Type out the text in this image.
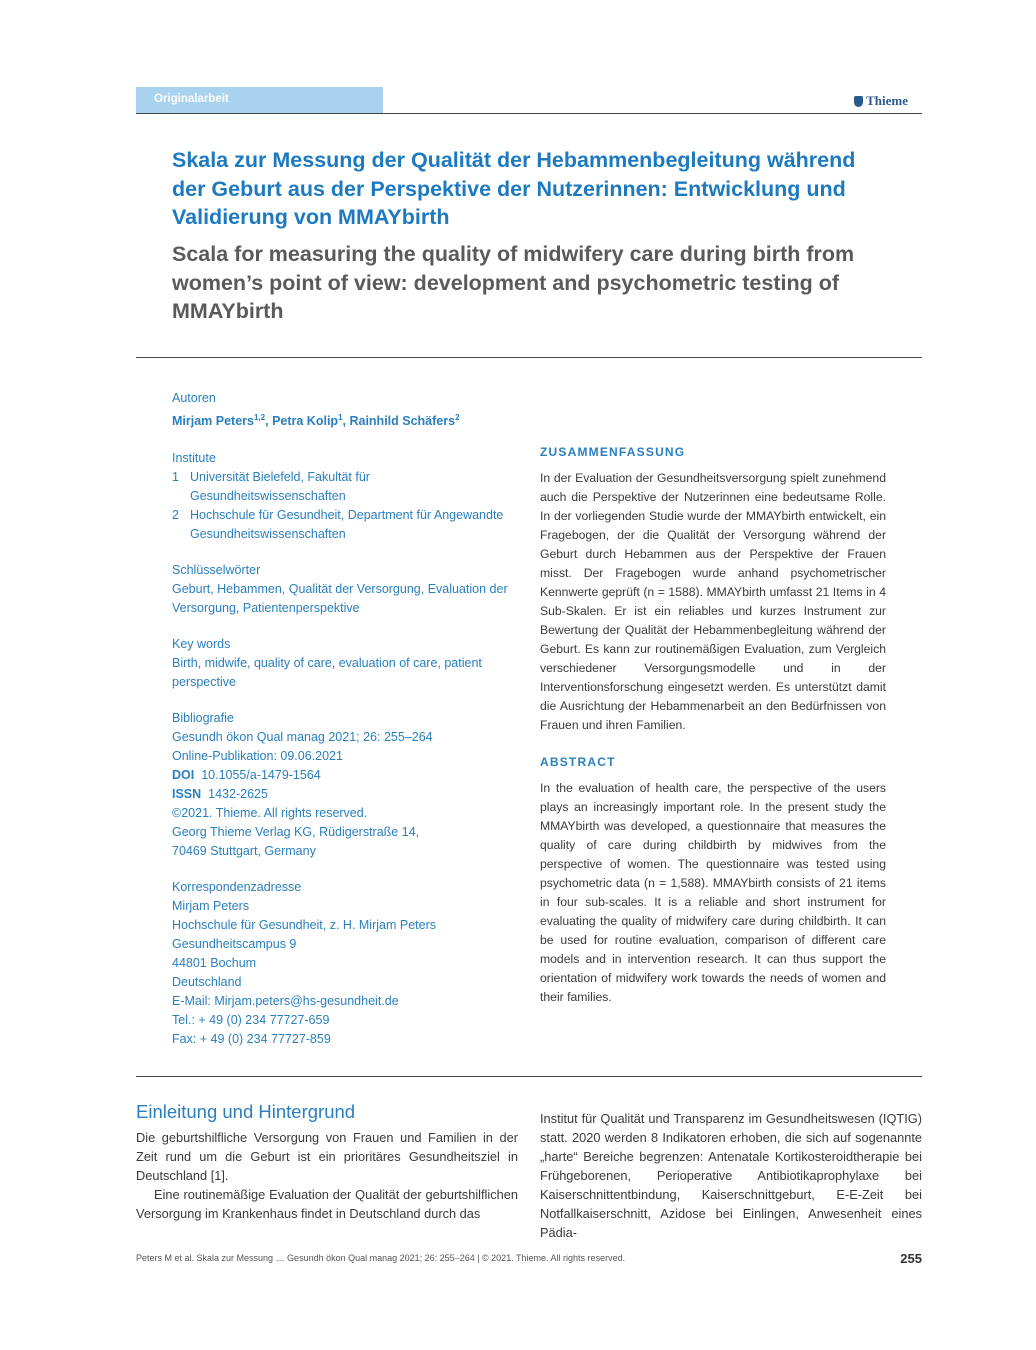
Originalarbeit	Thieme
Skala zur Messung der Qualität der Hebammenbegleitung während der Geburt aus der Perspektive der Nutzerinnen: Entwicklung und Validierung von MMAYbirth
Scala for measuring the quality of midwifery care during birth from women’s point of view: development and psychometric testing of MMAYbirth
Autoren
Mirjam Peters$^{1,2}$, Petra Kolip$^1$, Rainhild Schäfers$^2$
Institute
1 Universität Bielefeld, Fakultät für Gesundheitswissenschaften
2 Hochschule für Gesundheit, Department für Angewandte Gesundheitswissenschaften
Schlüsselwörter
Geburt, Hebammen, Qualität der Versorgung, Evaluation der Versorgung, Patientenperspektive
Key words
Birth, midwife, quality of care, evaluation of care, patient perspective
Bibliografie
Gesundh ökon Qual manag 2021; 26: 255–264
Online-Publikation: 09.06.2021
DOI 10.1055/a-1479-1564
ISSN 1432-2625
©2021. Thieme. All rights reserved.
Georg Thieme Verlag KG, Rüdigerstraße 14,
70469 Stuttgart, Germany
Korrespondenzadresse
Mirjam Peters
Hochschule für Gesundheit, z. H. Mirjam Peters
Gesundheitscampus 9
44801 Bochum
Deutschland
E-Mail: Mirjam.peters@hs-gesundheit.de
Tel.: + 49 (0) 234 77727-659
Fax: + 49 (0) 234 77727-859
ZUSAMMENFASSUNG

In der Evaluation der Gesundheitsversorgung spielt zunehmend auch die Perspektive der Nutzerinnen eine bedeutsame Rolle. In der vorliegenden Studie wurde der MMAYbirth entwickelt, ein Fragebogen, der die Qualität der Versorgung während der Geburt durch Hebammen aus der Perspektive der Frauen misst. Der Fragebogen wurde anhand psychometrischer Kennwerte geprüft (n = 1588). MMAYbirth umfasst 21 Items in 4 Sub-Skalen. Er ist ein reliables und kurzes Instrument zur Bewertung der Qualität der Hebammenbegleitung während der Geburt. Es kann zur routinemäßigen Evaluation, zum Vergleich verschiedener Versorgungsmodelle und in der Interventionsforschung eingesetzt werden. Es unterstützt damit die Ausrichtung der Hebammenarbeit an den Bedürfnissen von Frauen und ihren Familien.

ABSTRACT

In the evaluation of health care, the perspective of the users plays an increasingly important role. In the present study the MMAYbirth was developed, a questionnaire that measures the quality of care during childbirth by midwives from the perspective of women. The questionnaire was tested using psychometric data (n = 1,588). MMAYbirth consists of 21 items in four sub-scales. It is a reliable and short instrument for evaluating the quality of midwifery care during childbirth. It can be used for routine evaluation, comparison of different care models and in intervention research. It can thus support the orientation of midwifery work towards the needs of women and their families.

Einleitung und Hintergrund

Die geburtshilfliche Versorgung von Frauen und Familien in der Zeit rund um die Geburt ist ein prioritäres Gesundheitsziel in Deutschland [1].

Eine routinemäßige Evaluation der Qualität der geburtshilflichen Versorgung im Krankenhaus findet in Deutschland durch das

Institut für Qualität und Transparenz im Gesundheitswesen (IQTIG) statt. 2020 werden 8 Indikatoren erhoben, die sich auf sogenannte „harte“ Bereiche begrenzen: Antenatale Kortikosteroidtherapie bei Frühgeborenen, Perioperative Antibiotikaprophylaxe bei Kaiserschnittentbindung, Kaiserschnittgeburt, E-E-Zeit bei Notfallkaiserschnitt, Azidose bei Einlingen, Anwesenheit eines Pädia-

Peters M et al. Skala zur Messung … Gesundh ökon Qual manag 2021; 26: 255–264 | © 2021. Thieme. All rights reserved.	255
